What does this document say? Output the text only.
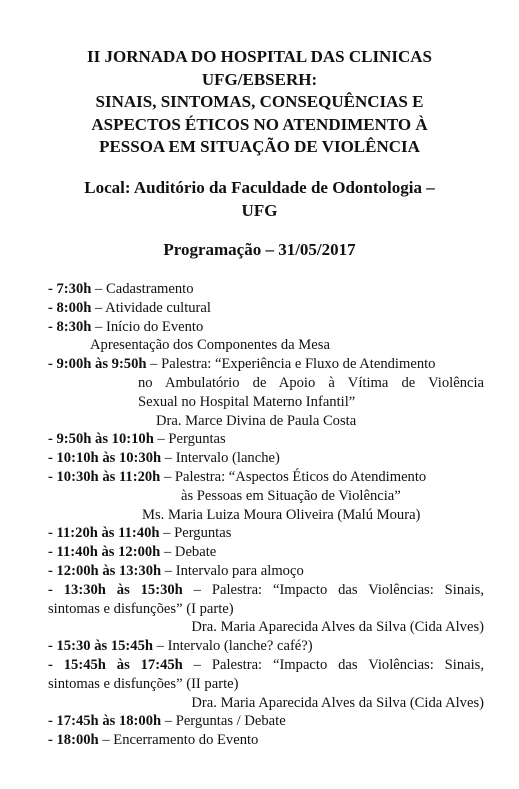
II JORNADA DO HOSPITAL DAS CLINICAS
UFG/EBSERH:
SINAIS, SINTOMAS, CONSEQUÊNCIAS E
ASPECTOS ÉTICOS NO ATENDIMENTO À
PESSOA EM SITUAÇÃO DE VIOLÊNCIA
Local: Auditório da Faculdade de Odontologia –
UFG
Programação – 31/05/2017
- 7:30h – Cadastramento
- 8:00h – Atividade cultural
- 8:30h – Início do Evento
Apresentação dos Componentes da Mesa
- 9:00h às 9:50h – Palestra: “Experiência e Fluxo de Atendimento
no Ambulatório de Apoio à Vítima de Violência
Sexual no Hospital Materno Infantil”
Dra. Marce Divina de Paula Costa
- 9:50h às 10:10h – Perguntas
- 10:10h às 10:30h – Intervalo (lanche)
- 10:30h às 11:20h – Palestra: “Aspectos Éticos do Atendimento
às Pessoas em Situação de Violência”
Ms. Maria Luiza Moura Oliveira (Malú Moura)
- 11:20h às 11:40h – Perguntas
- 11:40h às 12:00h – Debate
- 12:00h às 13:30h – Intervalo para almoço
- 13:30h às 15:30h – Palestra: “Impacto das Violências: Sinais,
sintomas e disfunções” (I parte)
Dra. Maria Aparecida Alves da Silva (Cida Alves)
- 15:30 às 15:45h – Intervalo (lanche? café?)
- 15:45h às 17:45h – Palestra: “Impacto das Violências: Sinais,
sintomas e disfunções” (II parte)
Dra. Maria Aparecida Alves da Silva (Cida Alves)
- 17:45h às 18:00h – Perguntas / Debate
- 18:00h – Encerramento do Evento
